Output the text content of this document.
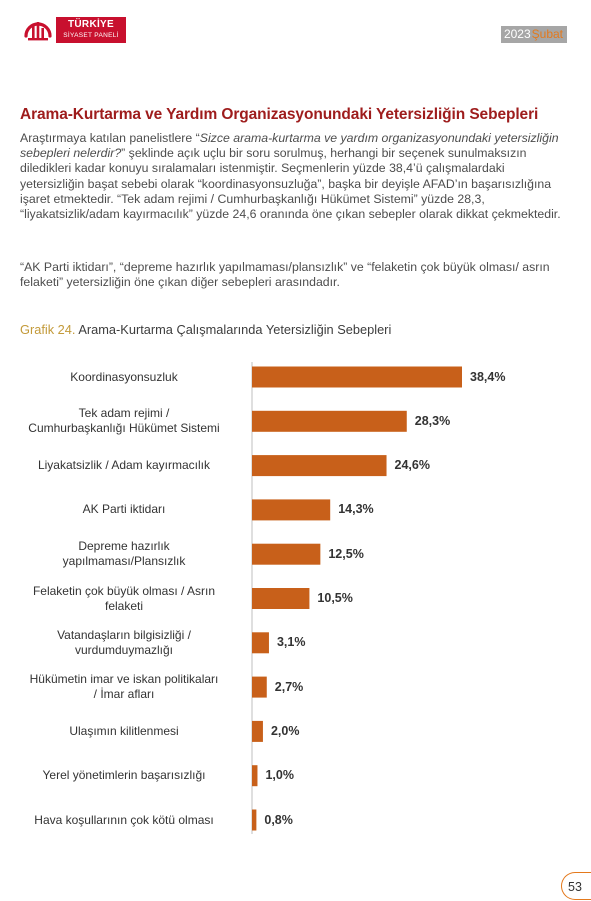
TÜRKİYE
SİYASET PANELİ	2023 Şubat
Arama-Kurtarma ve Yardım Organizasyonundaki Yetersizliğin Sebepleri

Araştırmaya katılan panelistlere “Sizce arama-kurtarma ve yardım organizasyonundaki yetersizliğin sebepleri nelerdir?” şeklinde açık uçlu bir soru sorulmuş, herhangi bir seçenek sunulmaksızın diledikleri kadar konuyu sıralamaları istenmiştir. Seçmenlerin yüzde 38,4’ü çalışmalardaki yetersizliğin başat sebebi olarak “koordinasyonsuzluğa”, başka bir deyişle AFAD’ın başarısızlığına işaret etmektedir. “Tek adam rejimi / Cumhurbaşkanlığı Hükümet Sistemi” yüzde 28,3, “liyakatsizlik/adam kayırmacılık” yüzde 24,6 oranında öne çıkan sebepler olarak dikkat çekmektedir.

“AK Parti iktidarı”, “depreme hazırlık yapılmaması/plansızlık” ve “felaketin çok büyük olması/ asrın felaketi” yetersizliğin öne çıkan diğer sebepleri arasındadır.

Grafik 24. Arama-Kurtarma Çalışmalarında Yetersizliğin Sebepleri
38,4%
Koordinasyonsuzluk
28,3%
Tek adam rejimi /
Cumhurbaşkanlığı Hükümet Sistemi
24,6%
Liyakatsizlik / Adam kayırmacılık
14,3%
AK Parti iktidarı
12,5%
Depreme hazırlık
yapılmaması/Plansızlık
10,5%
Felaketin çok büyük olması / Asrın
felaketi
3,1%
Vatandaşların bilgisizliği /
vurdumduymazlığı
2,7%
Hükümetin imar ve iskan politikaları
/ İmar afları
2,0%
Ulaşımın kilitlenmesi
1,0%
Yerel yönetimlerin başarısızlığı
0,8%
Hava koşullarının çok kötü olması
53
